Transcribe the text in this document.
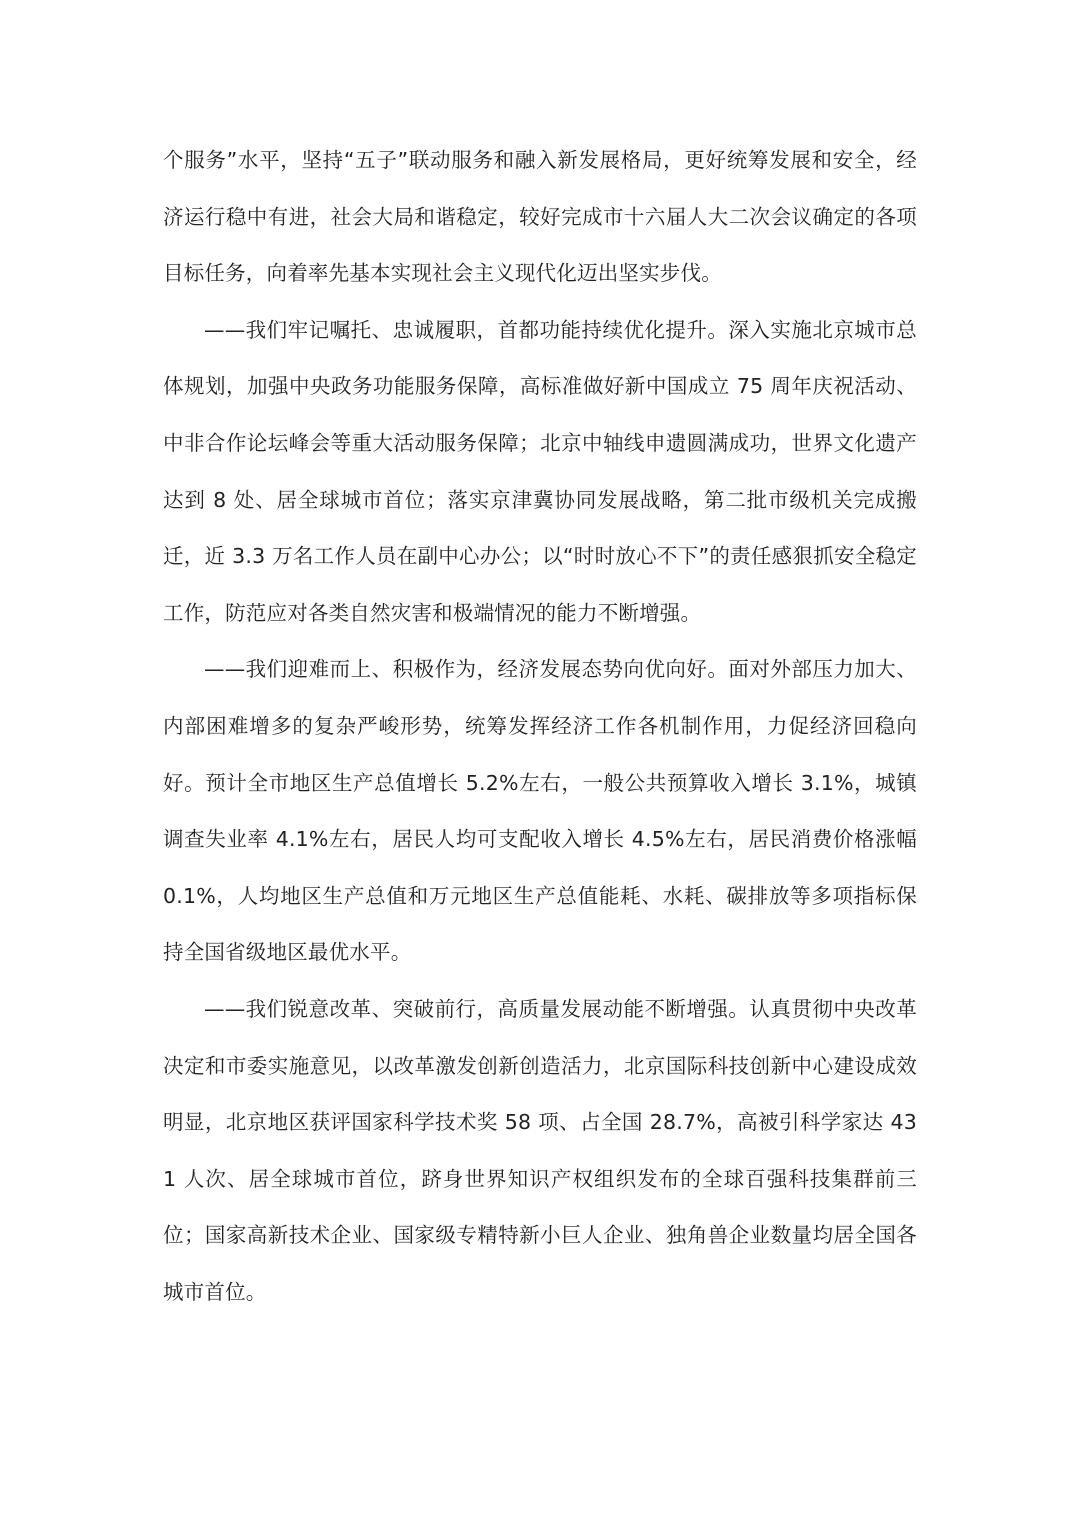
个服务”水平，坚持“五子”联动服务和融入新发展格局，更好统筹发展和安全，经济运行稳中有进，社会大局和谐稳定，较好完成市十六届人大二次会议确定的各项目标任务，向着率先基本实现社会主义现代化迈出坚实步伐。

——我们牢记嘱托、忠诚履职，首都功能持续优化提升。深入实施北京城市总体规划，加强中央政务功能服务保障，高标准做好新中国成立 75 周年庆祝活动、中非合作论坛峰会等重大活动服务保障；北京中轴线申遗圆满成功，世界文化遗产达到 8 处、居全球城市首位；落实京津冀协同发展战略，第二批市级机关完成搬迁，近 3.3 万名工作人员在副中心办公；以“时时放心不下”的责任感狠抓安全稳定工作，防范应对各类自然灾害和极端情况的能力不断增强。

——我们迎难而上、积极作为，经济发展态势向优向好。面对外部压力加大、内部困难增多的复杂严峻形势，统筹发挥经济工作各机制作用，力促经济回稳向好。预计全市地区生产总值增长 5.2%左右，一般公共预算收入增长 3.1%，城镇调查失业率 4.1%左右，居民人均可支配收入增长 4.5%左右，居民消费价格涨幅 0.1%，人均地区生产总值和万元地区生产总值能耗、水耗、碳排放等多项指标保持全国省级地区最优水平。

——我们锐意改革、突破前行，高质量发展动能不断增强。认真贯彻中央改革决定和市委实施意见，以改革激发创新创造活力，北京国际科技创新中心建设成效明显，北京地区获评国家科学技术奖 58 项、占全国 28.7%，高被引科学家达 431 人次、居全球城市首位，跻身世界知识产权组织发布的全球百强科技集群前三位；国家高新技术企业、国家级专精特新小巨人企业、独角兽企业数量均居全国各城市首位。
